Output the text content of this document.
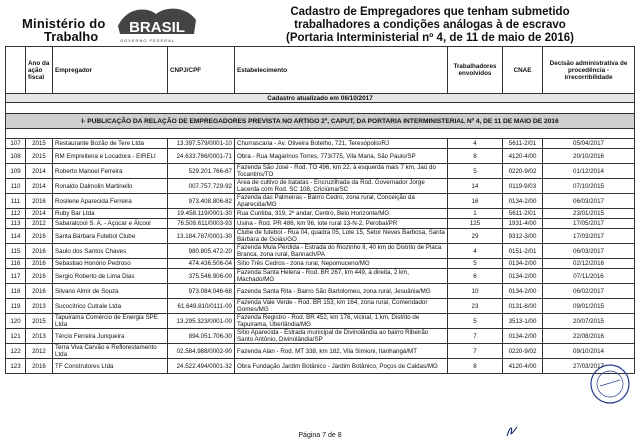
Ministério do
Trabalho
BRASIL
GOVERNO FEDERAL
Cadastro de Empregadores que tenham submetido
trabalhadores a condições análogas à de escravo
(Portaria Interministerial nº 4, de 11 de maio de 2016)
Cadastro atualizado em 06/10/2017							

I- PUBLICAÇÃO DA RELAÇÃO DE EMPREGADORES PREVISTA NO ARTIGO 2º, CAPUT, DA PORTARIA INTERMINISTERIAL Nº 4, DE 11 DE MAIO DE 2016							

	Ano da ação fiscal	Empregador	CNPJ/CPF	Estabelecimento	Trabalhadores envolvidos	CNAE	Decisão administrativa de procedência - irrecorribilidade
107	2015	Restaurante Bozão de Tere Ltda	13.397.579/0001-10	Churrascaria - Av. Oliveira Botelho, 721, Teresópolis/RJ	4	5611-2/01	05/04/2017
108	2015	RM Empreiteira e Locadora - EIRELI	24.633.766/0001-71	Obra - Rua Magarinos Torres, 773/775, Vila Maria, São Paulo/SP	8	4120-4/00	20/10/2016
109	2014	Roberto Manoel Ferreira	529.201.766-87	Fazenda São José - Rod. TO 496, km 22, à esquerda mais 7 km, Jaú do Tocantins/TO	5	0220-9/02	01/12/2014
110	2014	Ronaldo Dalmolin Martinello	007.757.729-92	Área de cultivo de batatas - Encruzilhada da Rod. Governador Jorge Lacerda com Rod. SC 108, Criciúma/SC	14	0119-9/03	07/10/2015
111	2016	Rosilene Aparecida Ferreira	973.408.806-82	Fazenda das Palmeiras - Bairro Cedro, zona rural, Conceição da Aparecida/MG	16	0134-2/00	06/03/2017
112	2014	Ruby Bar Ltda	19.458.119/0001-30	Rua Curitiba, 319, 2º andar, Centro, Belo Horizonte/MG	1	5611-2/01	23/01/2015
113	2012	Sabaralcool S. A. - Açúcar e Álcool	76.509.611/0003-93	Usina - Rod. PR 486, km 96, lote rural 13-N-2, Perobal/PR	125	1931-4/00	17/05/2017
114	2016	Santa Bárbara Futebol Clube	13.184.787/0001-30	Clube de futebol - Rua 04, quadra 05, Lote 15, Setor Neves Barbosa, Santa Bárbara de Goiás/GO	29	9312-3/00	17/03/2017
115	2016	Saulo dos Santos Chaves	980.805.472-20	Fazenda Mula Perdida - Estrada do Riozinho II, 40 km do Distrito de Placa Branca, zona rural, Bannach/PA	4	0151-2/01	06/03/2017
116	2016	Sebastiao Honório Pedroso	474.436.506-04	Sítio Três Cedros - zona rural, Nepomuceno/MG	5	0134-2/00	02/12/2016
117	2016	Sergio Roberto de Lima Dias	375.546.906-00	Fazenda Santa Helena - Rod. BR 267, km 449, à direita, 2 km, Machado/MG	6	0134-2/00	07/11/2016
118	2016	Silvano Almir de Souza	973.084.046-68	Fazenda Santa Rita - Bairro São Bartolomeu, zona rural, Jesuânia/MG	10	0134-2/00	06/02/2017
119	2013	Sucocítrico Cutrale Ltda	61.649.810/0111-00	Fazenda Vale Verde - Rod. BR 153, km 164, zona rural, Comendador Gomes/MG	23	0131-8/00	09/01/2015
120	2015	Tapuirama Comércio de Energia SPE Ltda	13.295.323/0001-00	Fazenda Registro - Rod. BR 452, km 176, vicinal, 1 km, Distrito de Tapuirama, Uberlândia/MG	5	3513-1/00	20/07/2015
121	2013	Tércio Ferreira Junqueira	894.051.706-30	Sítio Aparecida - Estrada municipal de Divinolândia ao bairro Ribeirão Santo Antônio, Divinolândia/SP	7	0134-2/00	22/08/2016
122	2012	Terra Viva Carvão e Reflorestamento Ltda	02.584.988/0002-90	Fazenda Alan - Rod. MT 338, km 182, Vila Simioni, Itanhangá/MT	7	0220-9/02	09/10/2014
123	2016	TF Construtores Ltda	24.522.494/0001-32	Obra Fundação Jardim Botânico - Jardim Botânico, Poços de Caldas/MG	8	4120-4/00	27/03/2017
Página 7 de 8
